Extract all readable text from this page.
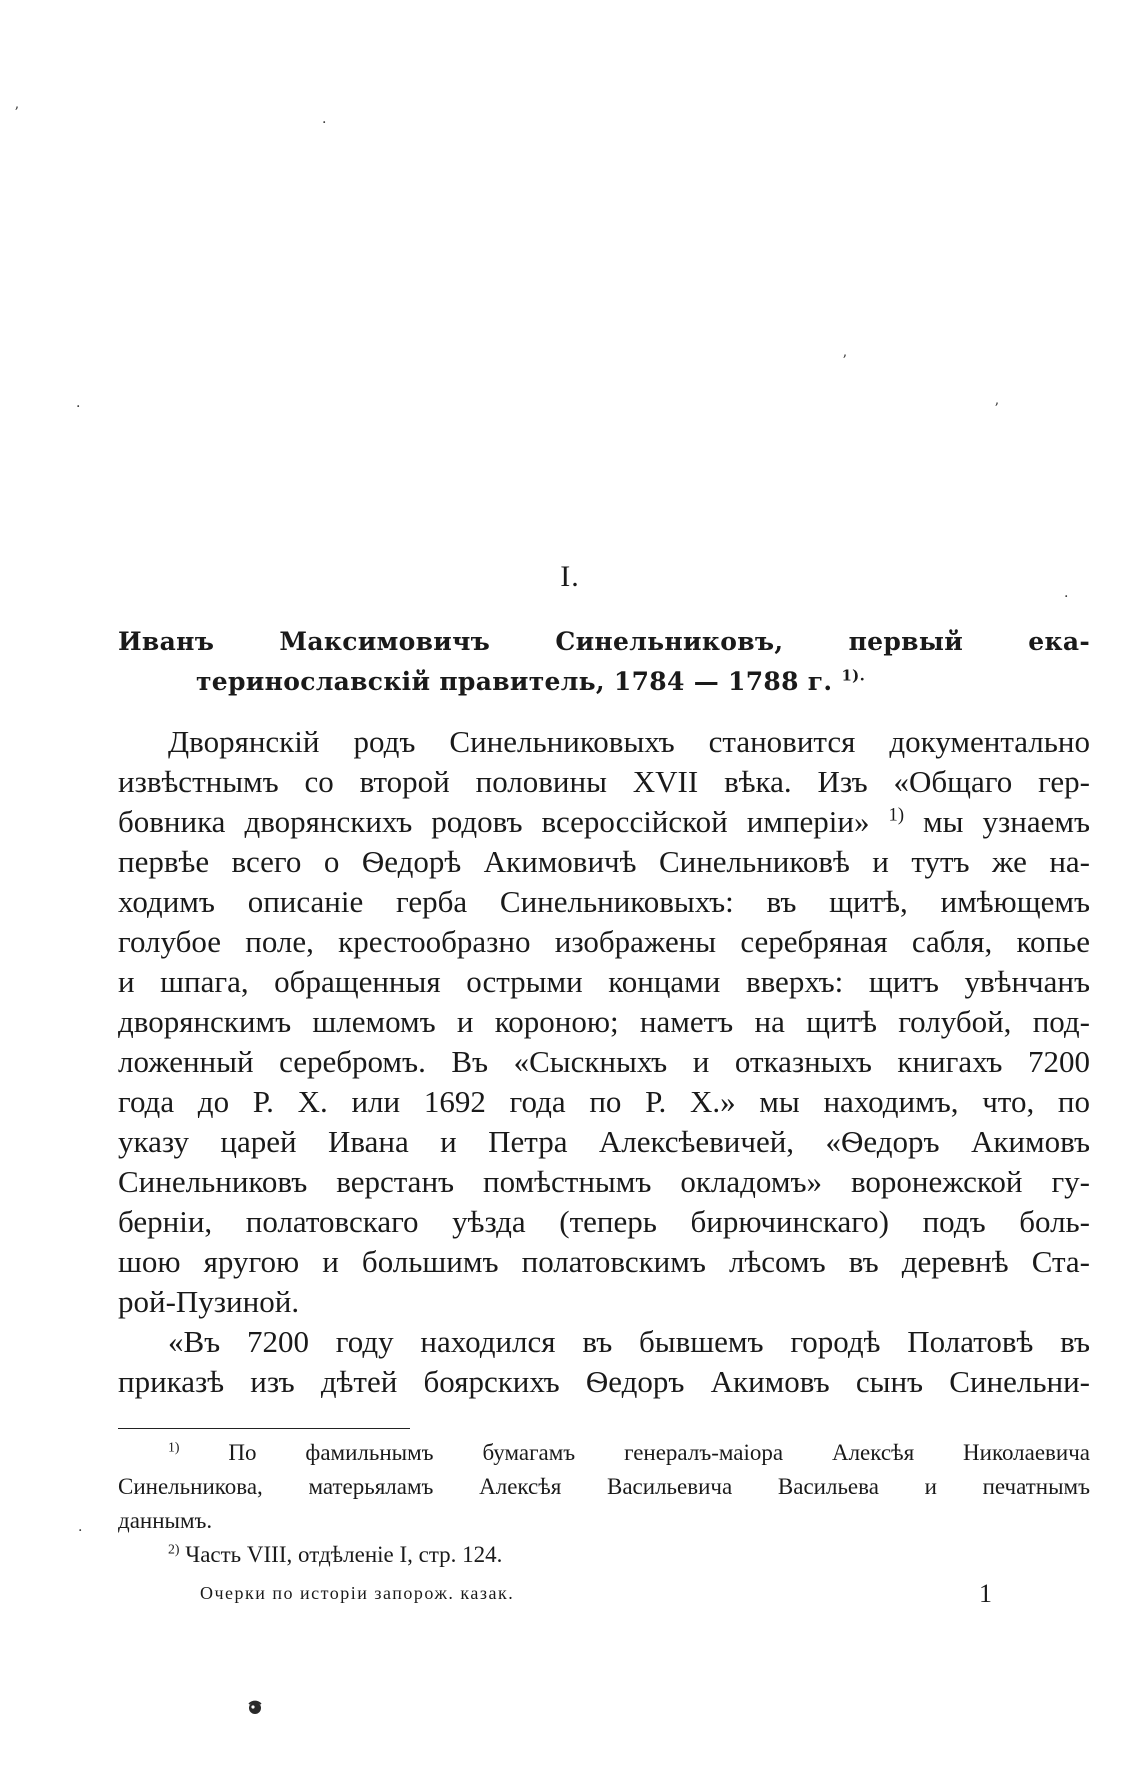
ʼ
·
ʼ
·	ʼ
·
·
I.
Иванъ Максимовичъ Синельниковъ, первый ека-
теринославскій правитель, 1784 — 1788 г. $^{1).}$
Дворянскій родъ Синельниковыхъ становится документально
извѣстнымъ со второй половины XVII вѣка. Изъ «Общаго гер-
бовника дворянскихъ родовъ всероссійской имперіи» $^{1)}$ мы узнаемъ
первѣе всего о Ѳедорѣ Акимовичѣ Синельниковѣ и тутъ же на-
ходимъ описаніе герба Синельниковыхъ: въ щитѣ, имѣющемъ
голубое поле, крестообразно изображены серебряная сабля, копье
и шпага, обращенныя острыми концами вверхъ: щитъ увѣнчанъ
дворянскимъ шлемомъ и короною; наметъ на щитѣ голубой, под-
ложенный серебромъ. Въ «Сыскныхъ и отказныхъ книгахъ 7200
года до Р. Х. или 1692 года по Р. Х.» мы находимъ, что, по
указу царей Ивана и Петра Алексѣевичей, «Ѳедоръ Акимовъ
Синельниковъ верстанъ помѣстнымъ окладомъ» воронежской гу-
берніи, полатовскаго уѣзда (теперь бирючинскаго) подъ боль-
шою яругою и большимъ полатовскимъ лѣсомъ въ деревнѣ Ста-
рой-Пузиной.
«Въ 7200 году находился въ бывшемъ городѣ Полатовѣ въ
приказѣ изъ дѣтей боярскихъ Ѳедоръ Акимовъ сынъ Синельни-
$^{1)}$ По фамильнымъ бумагамъ генералъ-маіора Алексѣя Николаевича
Синельникова, матерьяламъ Алексѣя Васильевича Васильева и печатнымъ
даннымъ.
$^{2)}$ Часть VIII, отдѣленіе I, стр. 124.
Очерки по исторіи запорож. казак.	1
